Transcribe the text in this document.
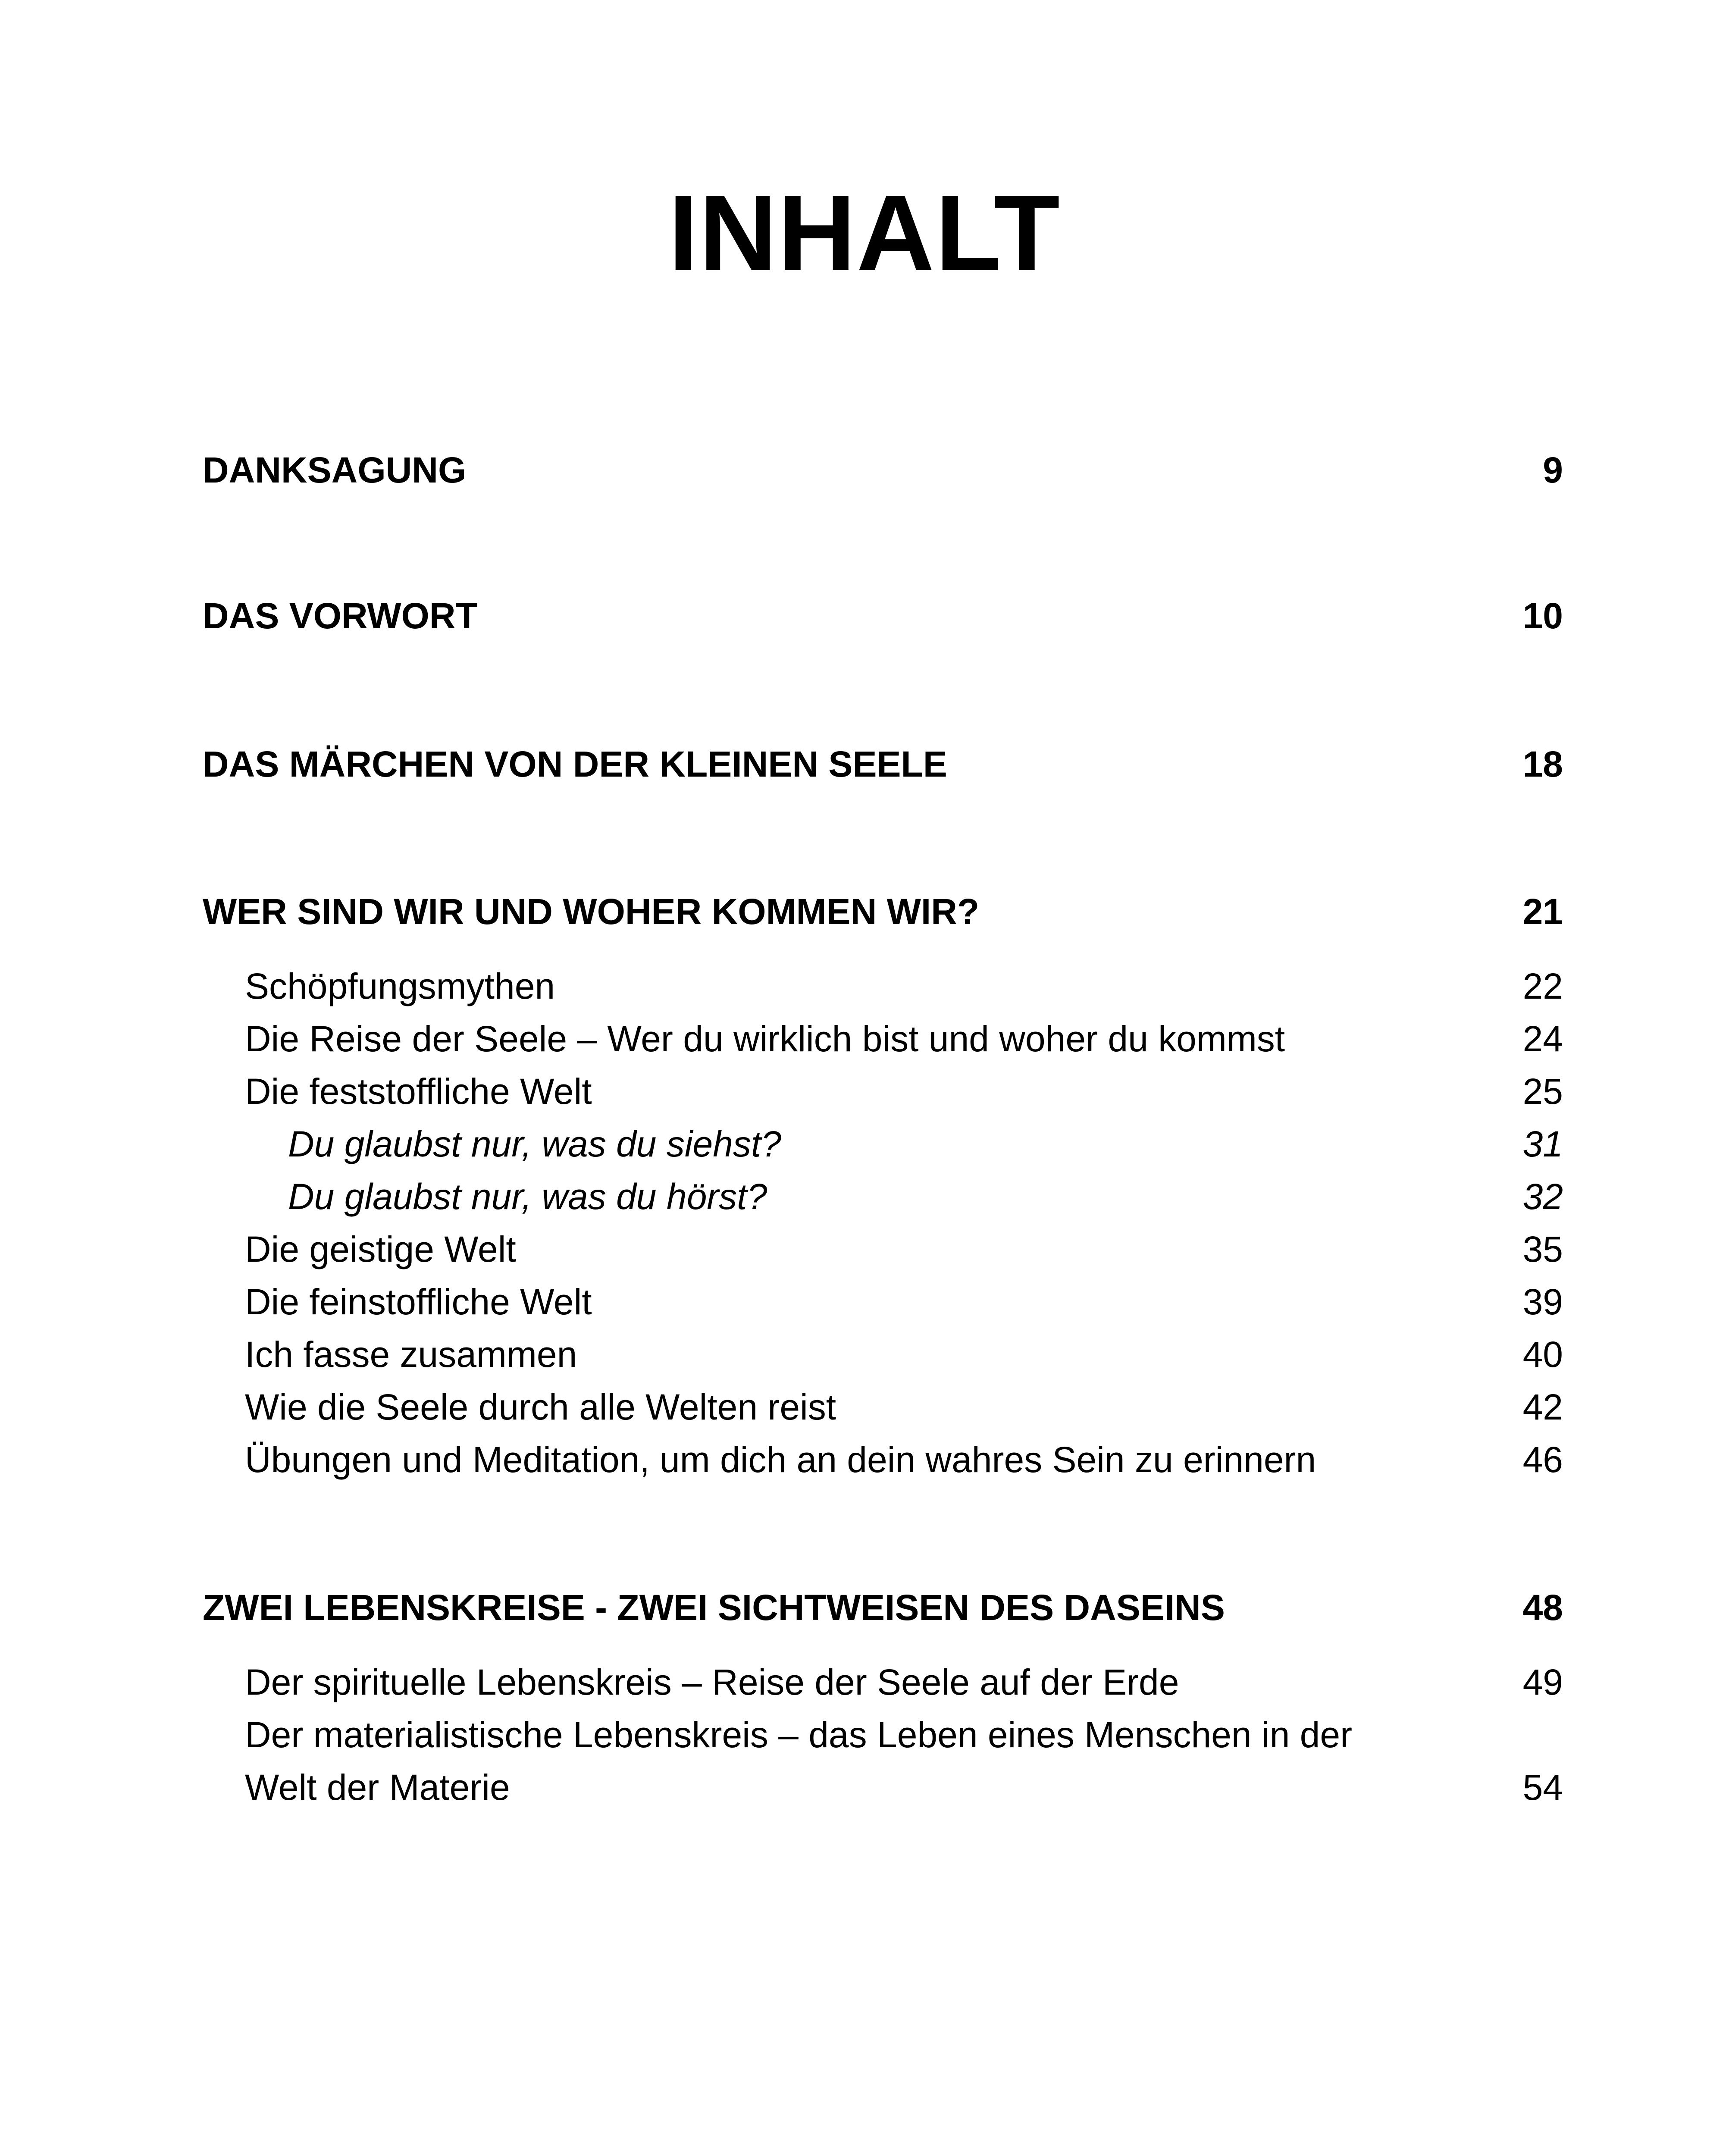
INHALT
DANKSAGUNG	9
DAS VORWORT	10
DAS MÄRCHEN VON DER KLEINEN SEELE	18
WER SIND WIR UND WOHER KOMMEN WIR?	21
Schöpfungsmythen	22
Die Reise der Seele – Wer du wirklich bist und woher du kommst	24
Die feststoffliche Welt	25
Du glaubst nur, was du siehst?	31
Du glaubst nur, was du hörst?	32
Die geistige Welt	35
Die feinstoffliche Welt	39
Ich fasse zusammen	40
Wie die Seele durch alle Welten reist	42
Übungen und Meditation, um dich an dein wahres Sein zu erinnern	46
ZWEI LEBENSKREISE - ZWEI SICHTWEISEN DES DASEINS	48
Der spirituelle Lebenskreis – Reise der Seele auf der Erde	49
Der materialistische Lebenskreis – das Leben eines Menschen in der
Welt der Materie	54
